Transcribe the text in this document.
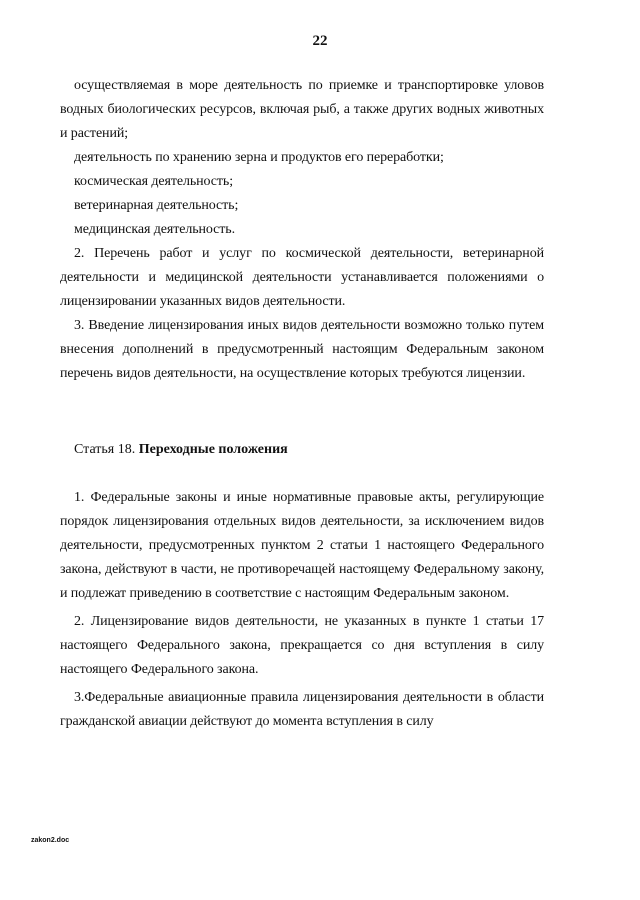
22

осуществляемая в море деятельность по приемке и транспортировке уловов водных биологических ресурсов, включая рыб, а также других водных животных и растений;

деятельность по хранению зерна и продуктов его переработки;

космическая деятельность;

ветеринарная деятельность;

медицинская деятельность.

2. Перечень работ и услуг по космической деятельности, ветеринарной деятельности и медицинской деятельности устанавливается положениями о лицензировании указанных видов деятельности.

3. Введение лицензирования иных видов деятельности возможно только путем внесения дополнений в предусмотренный настоящим Федеральным законом перечень видов деятельности, на осуществление которых требуются лицензии.

Статья 18. Переходные положения

1. Федеральные законы и иные нормативные правовые акты, регулирующие порядок лицензирования отдельных видов деятельности, за исключением видов деятельности, предусмотренных пунктом 2 статьи 1 настоящего Федерального закона, действуют в части, не противоречащей настоящему Федеральному закону, и подлежат приведению в соответствие с настоящим Федеральным законом.

2. Лицензирование видов деятельности, не указанных в пункте 1 статьи 17 настоящего Федерального закона, прекращается со дня вступления в силу настоящего Федерального закона.

3.Федеральные авиационные правила лицензирования деятельности в области гражданской авиации действуют до момента вступления в силу

zakon2.doc
